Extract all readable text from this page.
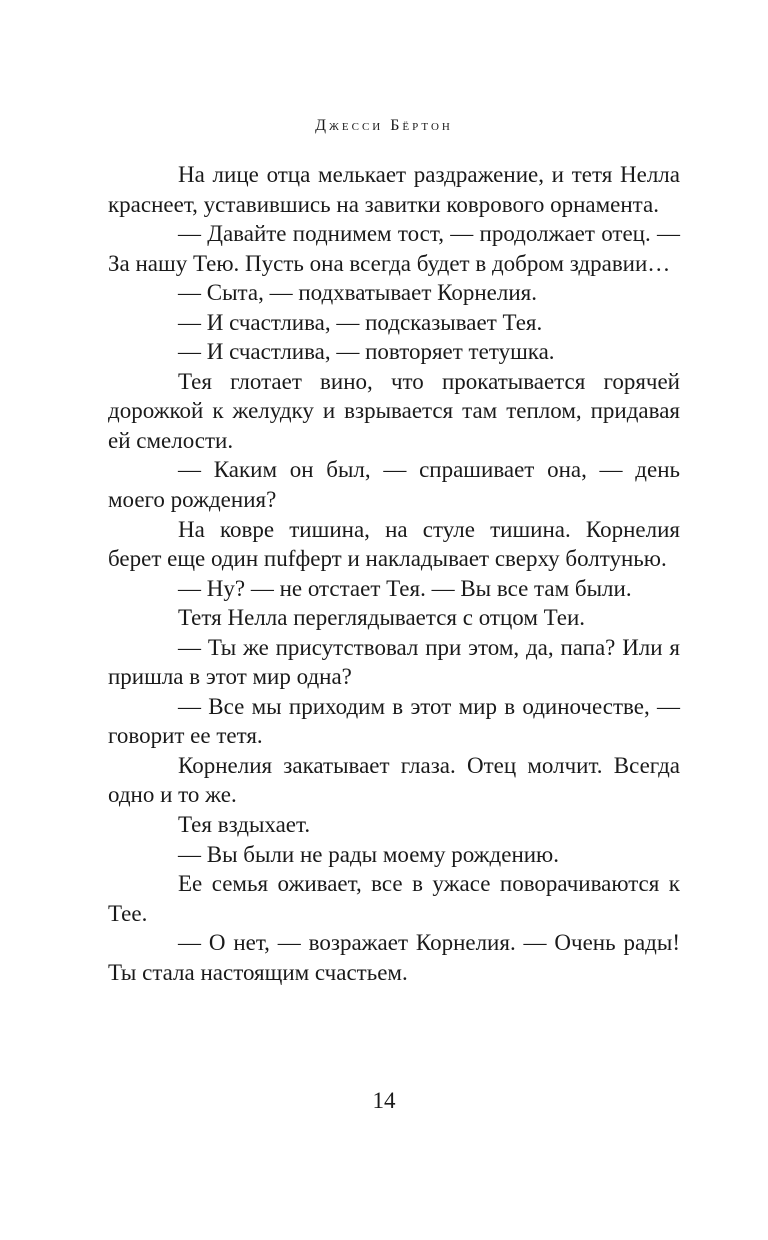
Джесси Бёртон

На лице отца мелькает раздражение, и тетя Нелла краснеет, уставившись на завитки коврового орнамента.

— Давайте поднимем тост, — продолжает отец. — За нашу Тею. Пусть она всегда будет в добром здравии…

— Сыта, — подхватывает Корнелия.

— И счастлива, — подсказывает Тея.

— И счастлива, — повторяет тетушка.

Тея глотает вино, что прокатывается горячей дорожкой к желудку и взрывается там теплом, придавая ей смелости.

— Каким он был, — спрашивает она, — день моего рождения?

На ковре тишина, на стуле тишина. Корнелия берет еще один пufферт и накладывает сверху болтунью.

— Ну? — не отстает Тея. — Вы все там были.

Тетя Нелла переглядывается с отцом Теи.

— Ты же присутствовал при этом, да, папа? Или я пришла в этот мир одна?

— Все мы приходим в этот мир в одиночестве, — говорит ее тетя.

Корнелия закатывает глаза. Отец молчит. Всегда одно и то же.

Тея вздыхает.

— Вы были не рады моему рождению.

Ее семья оживает, все в ужасе поворачиваются к Тее.

— О нет, — возражает Корнелия. — Очень рады! Ты стала настоящим счастьем.

14
